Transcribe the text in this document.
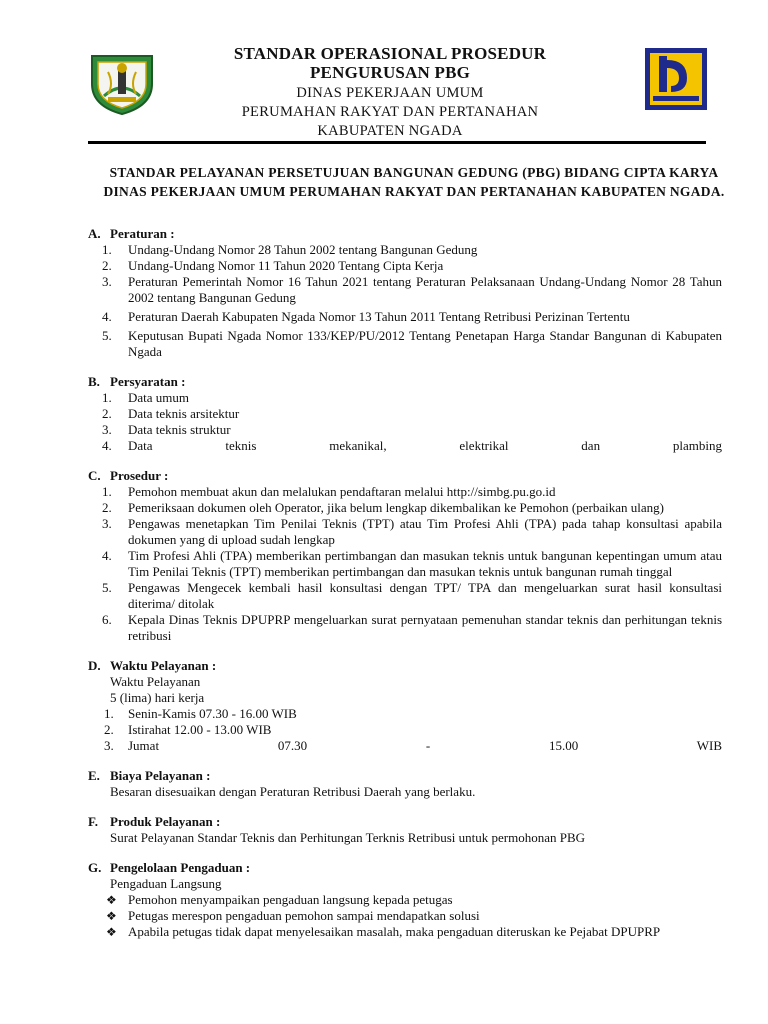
STANDAR OPERASIONAL PROSEDUR
PENGURUSAN PBG
DINAS PEKERJAAN UMUM
PERUMAHAN RAKYAT DAN PERTANAHAN
KABUPATEN NGADA
STANDAR PELAYANAN PERSETUJUAN BANGUNAN GEDUNG (PBG) BIDANG CIPTA KARYA DINAS PEKERJAAN UMUM PERUMAHAN RAKYAT DAN PERTANAHAN KABUPATEN NGADA.
A. Peraturan :
1.	Undang-Undang Nomor 28 Tahun 2002 tentang Bangunan Gedung
2.	Undang-Undang Nomor 11 Tahun 2020 Tentang Cipta Kerja
3.	Peraturan Pemerintah Nomor 16 Tahun 2021 tentang Peraturan Pelaksanaan Undang-Undang Nomor 28 Tahun 2002 tentang Bangunan Gedung
4.	Peraturan Daerah Kabupaten Ngada Nomor 13 Tahun 2011 Tentang Retribusi Perizinan Tertentu
5.	Keputusan Bupati Ngada Nomor 133/KEP/PU/2012 Tentang Penetapan Harga Standar Bangunan di Kabupaten Ngada
B. Persyaratan :
1.	Data umum
2.	Data teknis arsitektur
3.	Data teknis struktur
4.	Data teknis mekanikal, elektrikal dan plambing
C. Prosedur :
1.	Pemohon membuat akun dan melalukan pendaftaran melalui http://simbg.pu.go.id
2.	Pemeriksaan dokumen oleh Operator, jika belum lengkap dikembalikan ke Pemohon (perbaikan ulang)
3.	Pengawas menetapkan Tim Penilai Teknis (TPT) atau Tim Profesi Ahli (TPA) pada tahap konsultasi apabila dokumen yang di upload sudah lengkap
4.	Tim Profesi Ahli (TPA) memberikan pertimbangan dan masukan teknis untuk bangunan kepentingan umum atau Tim Penilai Teknis (TPT) memberikan pertimbangan dan masukan teknis untuk bangunan rumah tinggal
5.	Pengawas Mengecek kembali hasil konsultasi dengan TPT/ TPA dan mengeluarkan surat hasil konsultasi diterima/ ditolak
6.	Kepala Dinas Teknis DPUPRP mengeluarkan surat pernyataan pemenuhan standar teknis dan perhitungan teknis retribusi
D. Waktu Pelayanan :
Waktu Pelayanan
5 (lima) hari kerja
1.	Senin-Kamis 07.30 - 16.00 WIB
2.	Istirahat 12.00 - 13.00 WIB
3.	Jumat 07.30 - 15.00 WIB
E. Biaya Pelayanan :
Besaran disesuaikan dengan Peraturan Retribusi Daerah yang berlaku.
F. Produk Pelayanan :
Surat Pelayanan Standar Teknis dan Perhitungan Terknis Retribusi untuk permohonan PBG
G. Pengelolaan Pengaduan :
Pengaduan Langsung
❖ Pemohon menyampaikan pengaduan langsung kepada petugas
❖ Petugas merespon pengaduan pemohon sampai mendapatkan solusi
❖ Apabila petugas tidak dapat menyelesaikan masalah, maka pengaduan diteruskan ke Pejabat DPUPRP
